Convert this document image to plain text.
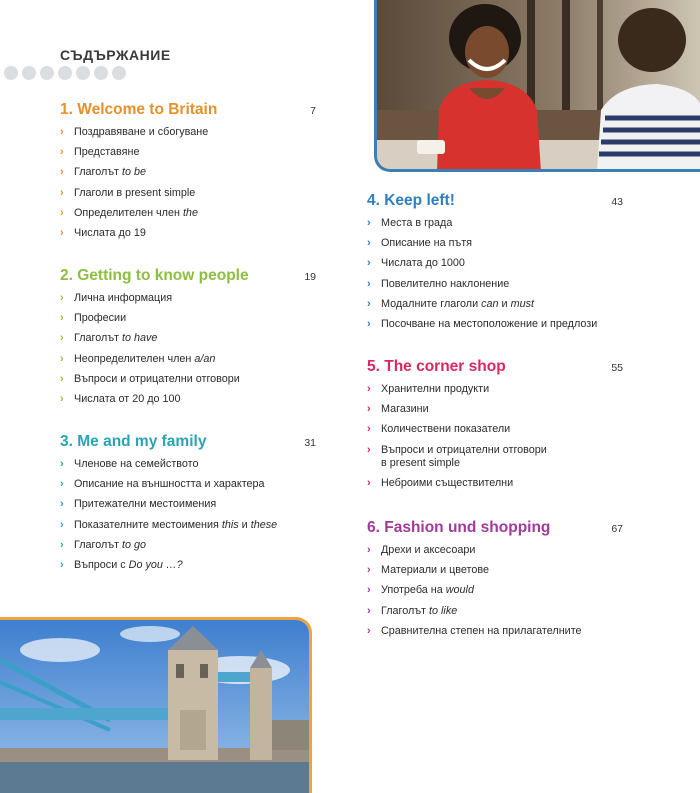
СЪДЪРЖАНИЕ
1. Welcome to Britain	7
› Поздравяване и сбогуване
› Представяне
› Глаголът to be
› Глаголи в present simple
› Определителен член the
› Числата до 19
2. Getting to know people	19
› Лична информация
› Професии
› Глаголът to have
› Неопределителен член a/an
› Въпроси и отрицателни отговори
› Числата от 20 до 100
3. Me and my family	31
› Членове на семейството
› Описание на външността и характера
› Притежателни местоимения
› Показателните местоимения this и these
› Глаголът to go
› Въпроси с Do you …?
4. Keep left!	43
› Места в града
› Описание на пътя
› Числата до 1000
› Повелително наклонение
› Модалните глаголи can и must
› Посочване на местоположение и предлози
5. The corner shop	55
› Хранителни продукти
› Магазини
› Количествени показатели
› Въпроси и отрицателни отговори
в present simple
› Неброими съществителни
6. Fashion und shopping	67
› Дрехи и аксесоари
› Материали и цветове
› Употреба на would
› Глаголът to like
› Сравнителна степен на прилагателните
